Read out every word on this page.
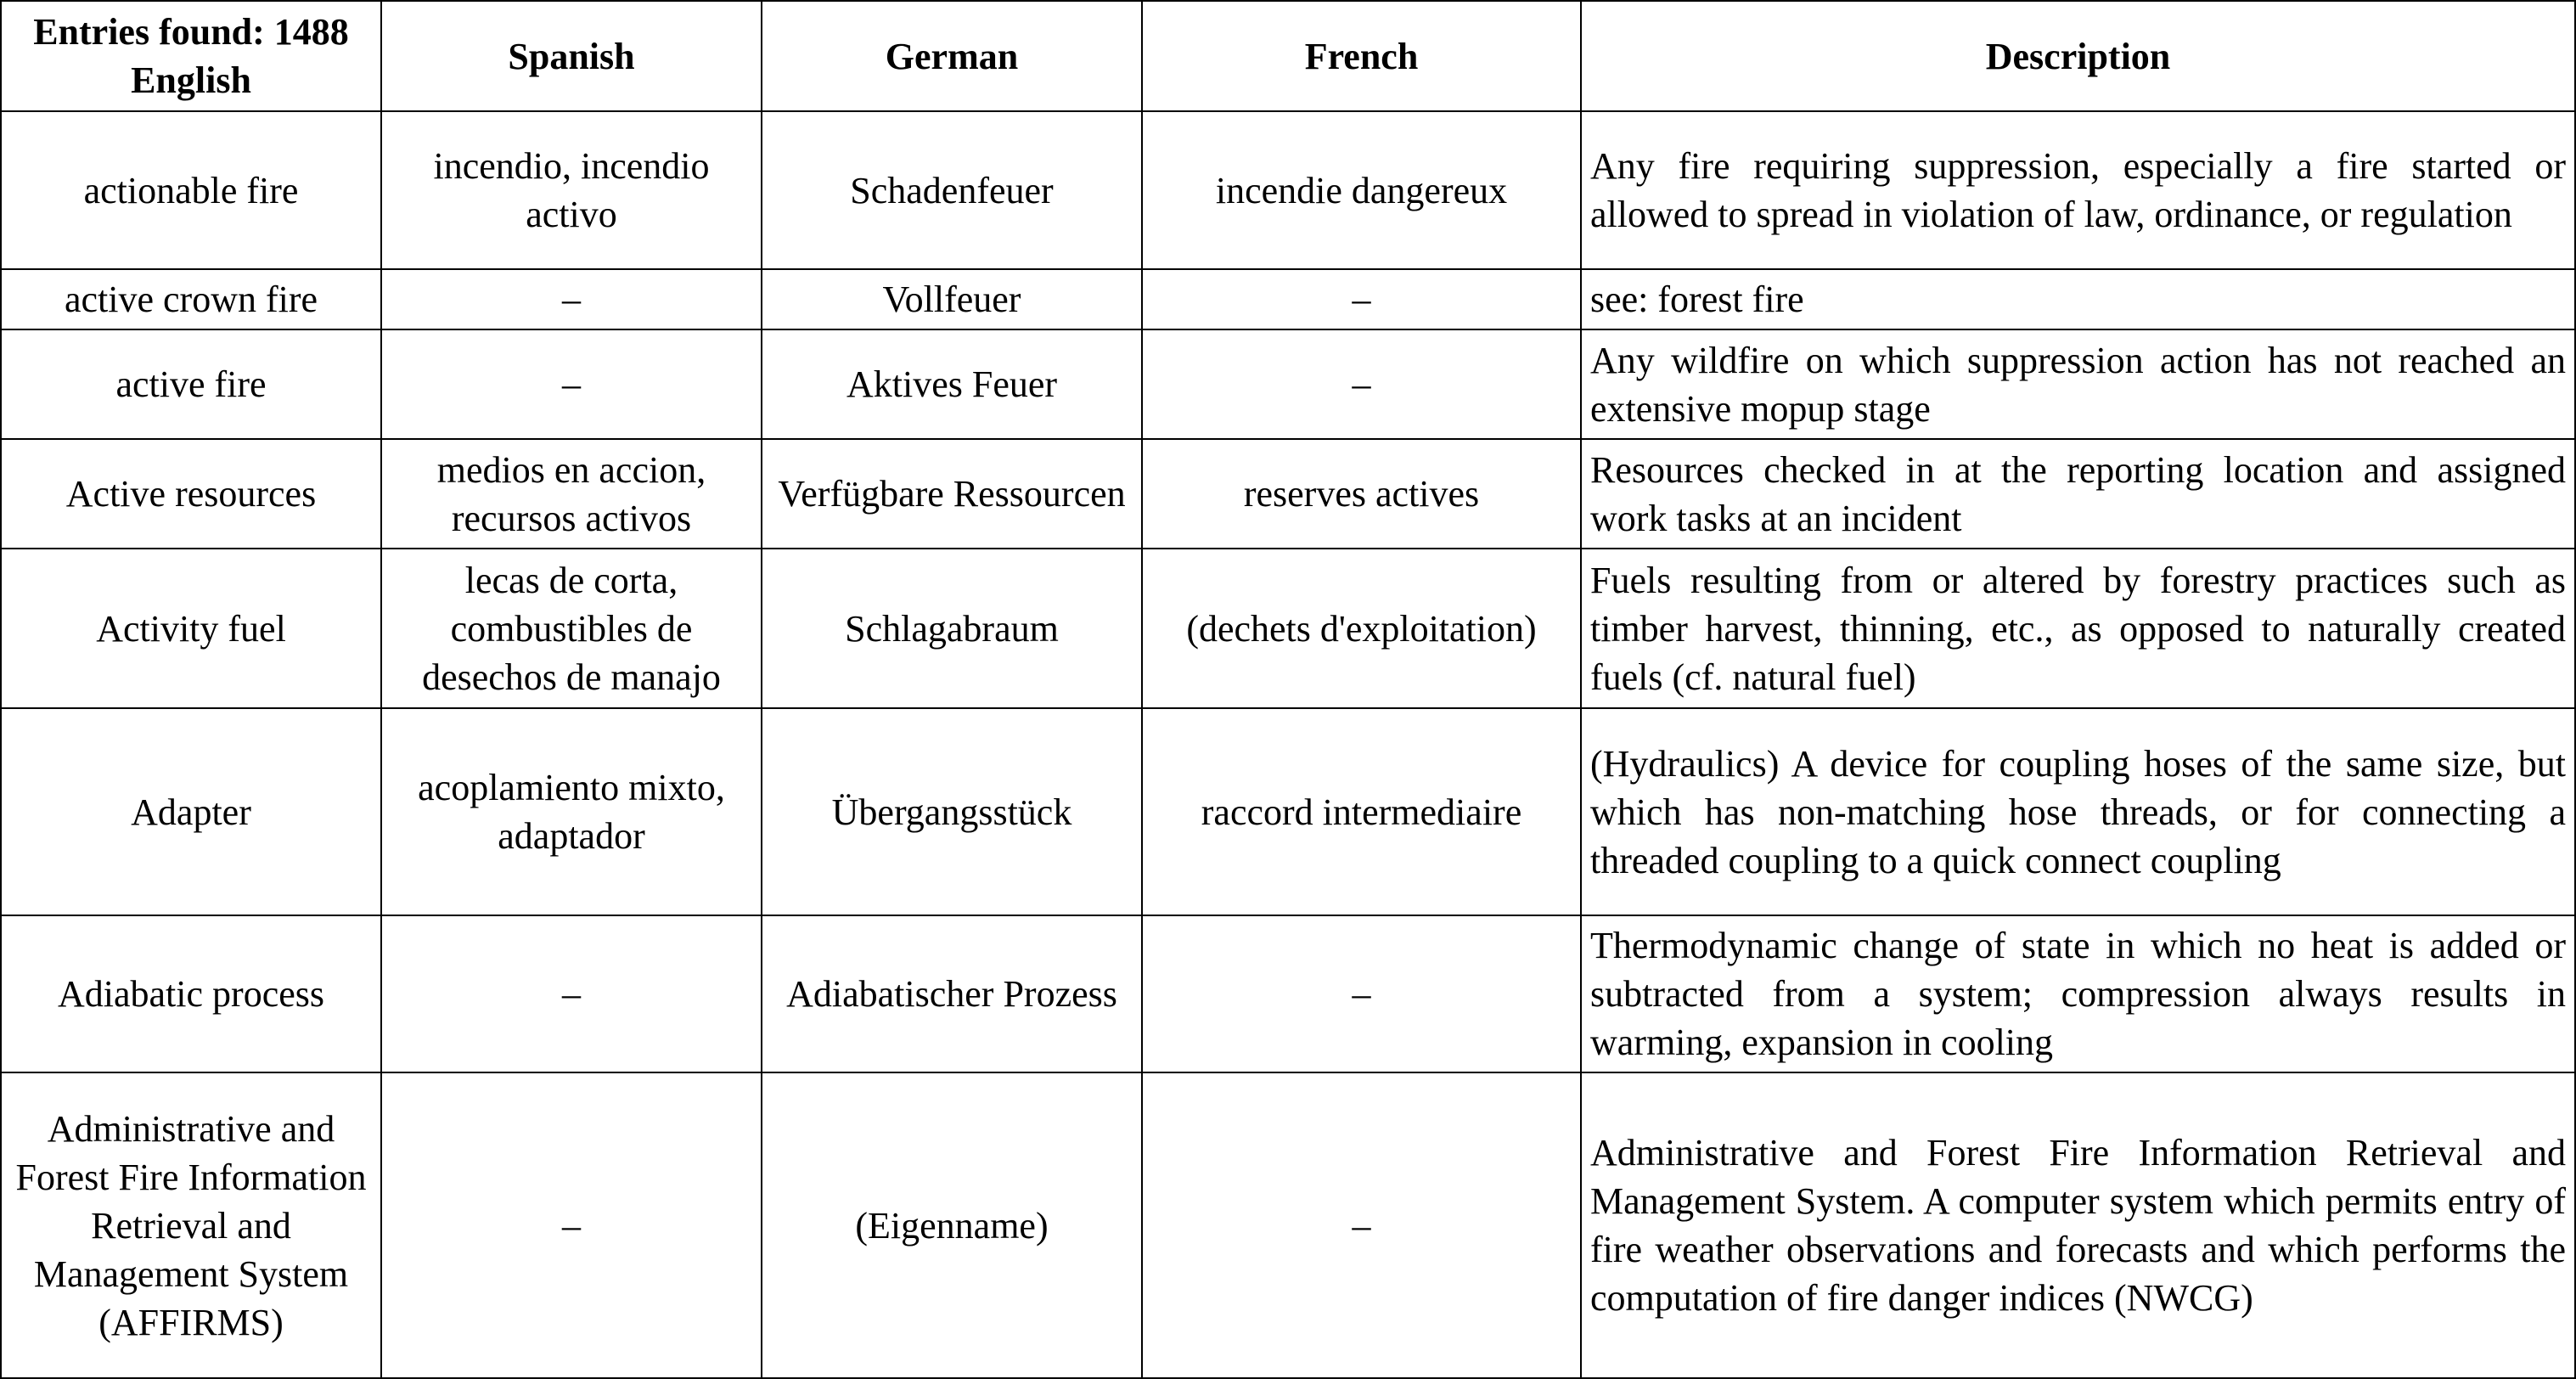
Entries found: 1488 English	Spanish	German	French	Description
actionable fire	incendio, incendio activo	Schadenfeuer	incendie dangereux	Any fire requiring suppression, especially a fire started or allowed to spread in violation of law, ordinance, or regulation
active crown fire	–	Vollfeuer	–	see: forest fire
active fire	–	Aktives Feuer	–	Any wildfire on which suppression action has not reached an extensive mopup stage
Active resources	medios en accion, recursos activos	Verfügbare Ressourcen	reserves actives	Resources checked in at the reporting location and assigned work tasks at an incident
Activity fuel	lecas de corta, combustibles de desechos de manajo	Schlagabraum	(dechets d'exploitation)	Fuels resulting from or altered by forestry practices such as timber harvest, thinning, etc., as opposed to naturally created fuels (cf. natural fuel)
Adapter	acoplamiento mixto, adaptador	Übergangsstück	raccord intermediaire	(Hydraulics) A device for coupling hoses of the same size, but which has non-matching hose threads, or for connecting a threaded coupling to a quick connect coupling
Adiabatic process	–	Adiabatischer Prozess	–	Thermodynamic change of state in which no heat is added or subtracted from a system; compression always results in warming, expansion in cooling
Administrative and Forest Fire Information Retrieval and Management System (AFFIRMS)	–	(Eigenname)	–	Administrative and Forest Fire Information Retrieval and Management System. A computer system which permits entry of fire weather observations and forecasts and which performs the computation of fire danger indices (NWCG)
